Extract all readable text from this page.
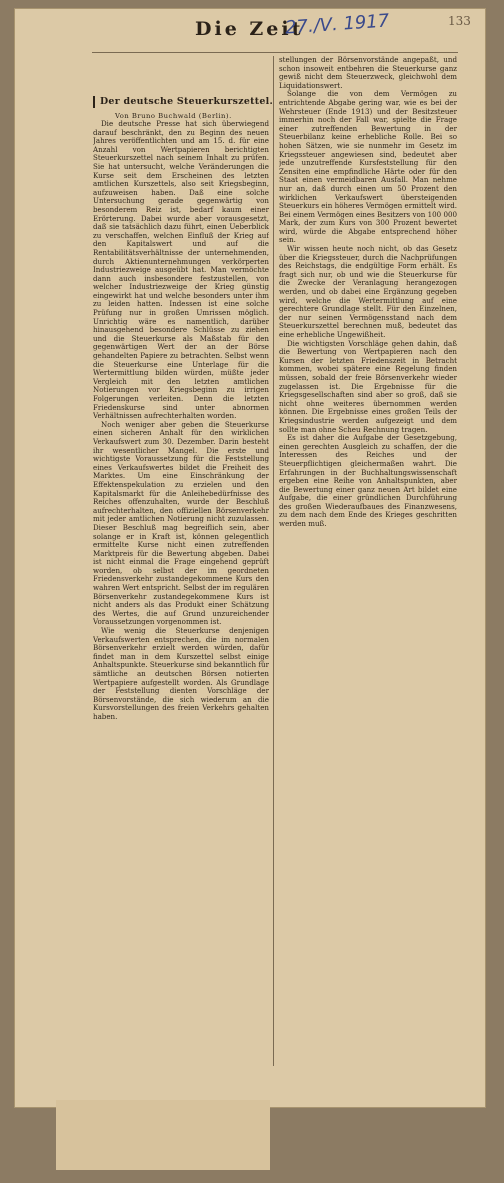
Die Zeit
27./Ⅴ. 1917	133
Der deutsche Steuerkurszettel.
Von Bruno Buchwald (Berlin).

Die deutsche Presse hat sich überwiegend darauf beschränkt, den zu Beginn des neuen Jahres veröffentlichten und am 15. d. für eine Anzahl von Wertpapieren berichtigten Steuerkurszettel nach seinem Inhalt zu prüfen. Sie hat untersucht, welche Veränderungen die Kurse seit dem Erscheinen des letzten amtlichen Kurszettels, also seit Kriegsbeginn, aufzuweisen haben. Daß eine solche Untersuchung gerade gegenwärtig von besonderem Reiz ist, bedarf kaum einer Erörterung. Dabei wurde aber vorausgesetzt, daß sie tatsächlich dazu führt, einen Ueberblick zu verschaffen, welchen Einfluß der Krieg auf den Kapitalswert und auf die Rentabilitätsverhältnisse der unternehmenden, durch Aktienunternehmungen verkörperten Industriezweige ausgeübt hat. Man vermöchte dann auch insbesondere festzustellen, von welcher Industriezweige der Krieg günstig eingewirkt hat und welche besonders unter ihm zu leiden hatten. Indessen ist eine solche Prüfung nur in großen Umrissen möglich. Unrichtig wäre es namentlich, darüber hinausgehend besondere Schlüsse zu ziehen und die Steuerkurse als Maßstab für den gegenwärtigen Wert der an der Börse gehandelten Papiere zu betrachten. Selbst wenn die Steuerkurse eine Unterlage für die Wertermittlung bilden würden, müßte jeder Vergleich mit den letzten amtlichen Notierungen vor Kriegsbeginn zu irrigen Folgerungen verleiten. Denn die letzten Friedenskurse sind unter abnormen Verhältnissen aufrechterhalten worden.

Noch weniger aber geben die Steuerkurse einen sicheren Anhalt für den wirklichen Verkaufswert zum 30. Dezember. Darin besteht ihr wesentlicher Mangel. Die erste und wichtigste Voraussetzung für die Feststellung eines Verkaufswertes bildet die Freiheit des Marktes. Um eine Einschränkung der Effektenspekulation zu erzielen und den Kapitalsmarkt für die Anleihebedürfnisse des Reiches offenzuhalten, wurde der Beschluß aufrechterhalten, den offiziellen Börsenverkehr mit jeder amtlichen Notierung nicht zuzulassen. Dieser Beschluß mag begreiflich sein, aber solange er in Kraft ist, können gelegentlich ermittelte Kurse nicht einen zutreffenden Marktpreis für die Bewertung abgeben. Dabei ist nicht einmal die Frage eingehend geprüft worden, ob selbst der im geordneten Friedensverkehr zustandegekommene Kurs den wahren Wert entspricht. Selbst der im regulären Börsenverkehr zustandegekommene Kurs ist nicht anders als das Produkt einer Schätzung des Wertes, die auf Grund unzureichender Voraussetzungen vorgenommen ist.

Wie wenig die Steuerkurse denjenigen Verkaufswerten entsprechen, die im normalen Börsenverkehr erzielt werden würden, dafür findet man in dem Kurszettel selbst einige Anhaltspunkte. Steuerkurse sind bekanntlich für sämtliche an deutschen Börsen notierten Wertpapiere aufgestellt worden. Als Grundlage der Feststellung dienten Vorschläge der Börsenvorstände, die sich wiederum an die Kursvorstellungen des freien Verkehrs gehalten haben.

stellungen der Börsenvorstände angepaßt, und schon insoweit entbehren die Steuerkurse ganz gewiß nicht dem Steuerzweck, gleichwohl dem Liquidationswert.

Solange die von dem Vermögen zu entrichtende Abgabe gering war, wie es bei der Wehrsteuer (Ende 1913) und der Besitzsteuer immerhin noch der Fall war, spielte die Frage einer zutreffenden Bewertung in der Steuerbilanz keine erhebliche Rolle. Bei so hohen Sätzen, wie sie nunmehr im Gesetz im Kriegssteuer angewiesen sind, bedeutet aber jede unzutreffende Kursfeststellung für den Zensiten eine empfindliche Härte oder für den Staat einen vermeidbaren Ausfall. Man nehme nur an, daß durch einen um 50 Prozent den wirklichen Verkaufswert übersteigenden Steuerkurs ein höheres Vermögen ermittelt wird. Bei einem Vermögen eines Besitzers von 100 000 Mark, der zum Kurs von 300 Prozent bewertet wird, würde die Abgabe entsprechend höher sein.

Wir wissen heute noch nicht, ob das Gesetz über die Kriegssteuer, durch die Nachprüfungen des Reichstags, die endgültige Form erhält. Es fragt sich nur, ob und wie die Steuerkurse für die Zwecke der Veranlagung herangezogen werden, und ob dabei eine Ergänzung gegeben wird, welche die Wertermittlung auf eine gerechtere Grundlage stellt. Für den Einzelnen, der nur seinen Vermögensstand nach dem Steuerkurszettel berechnen muß, bedeutet das eine erhebliche Ungewißheit.

Die wichtigsten Vorschläge gehen dahin, daß die Bewertung von Wertpapieren nach den Kursen der letzten Friedenszeit in Betracht kommen, wobei spätere eine Regelung finden müssen, sobald der freie Börsenverkehr wieder zugelassen ist. Die Ergebnisse für die Kriegsgesellschaften sind aber so groß, daß sie nicht ohne weiteres übernommen werden können. Die Ergebnisse eines großen Teils der Kriegsindustrie werden aufgezeigt und dem sollte man ohne Scheu Rechnung tragen.

Es ist daher die Aufgabe der Gesetzgebung, einen gerechten Ausgleich zu schaffen, der die Interessen des Reiches und der Steuerpflichtigen gleichermaßen wahrt. Die Erfahrungen in der Buchhaltungswissenschaft ergeben eine Reihe von Anhaltspunkten, aber die Bewertung einer ganz neuen Art bildet eine Aufgabe, die einer gründlichen Durchführung des großen Wiederaufbaues des Finanzwesens, zu dem nach dem Ende des Krieges geschritten werden muß.
